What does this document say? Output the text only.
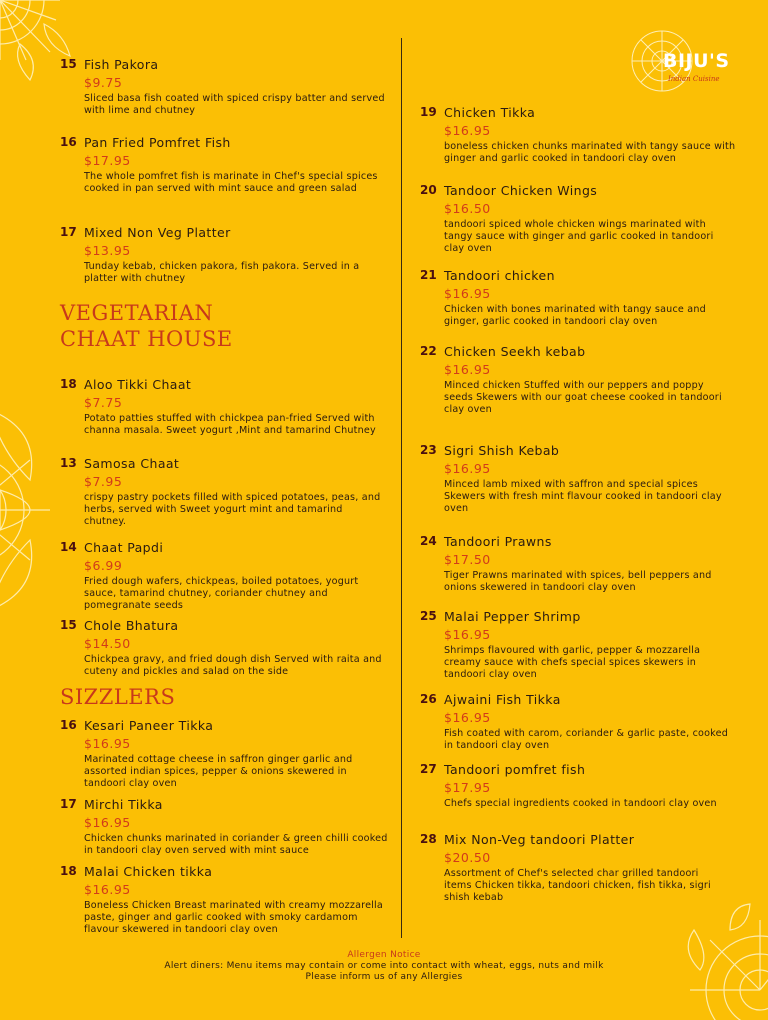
BIJU'S
Indian Cuisine
VEGETARIAN
CHAAT HOUSE
SIZZLERS
15 Fish Pakora
$9.75
Sliced basa fish coated with spiced crispy batter and served with lime and chutney
16 Pan Fried Pomfret Fish
$17.95
The whole pomfret fish is marinate in Chef's special spices cooked in pan served with mint sauce and green salad
17 Mixed Non Veg Platter
$13.95
Tunday kebab, chicken pakora, fish pakora. Served in a platter with chutney
18 Aloo Tikki Chaat
$7.75
Potato patties stuffed with chickpea pan-fried Served with channa masala. Sweet yogurt ,Mint and tamarind Chutney
13 Samosa Chaat
$7.95
crispy pastry pockets filled with spiced potatoes, peas, and herbs, served with Sweet yogurt mint and tamarind chutney.
14 Chaat Papdi
$6.99
Fried dough wafers, chickpeas, boiled potatoes, yogurt sauce, tamarind chutney, coriander chutney and pomegranate seeds
15 Chole Bhatura
$14.50
Chickpea gravy, and fried dough dish Served with raita and cuteny and pickles and salad on the side
16 Kesari Paneer Tikka
$16.95
Marinated cottage cheese in saffron ginger garlic and assorted indian spices, pepper & onions skewered in tandoori clay oven
17 Mirchi Tikka
$16.95
Chicken chunks marinated in coriander & green chilli cooked in tandoori clay oven served with mint sauce
18 Malai Chicken tikka
$16.95
Boneless Chicken Breast marinated with creamy mozzarella paste, ginger and garlic cooked with smoky cardamom flavour skewered in tandoori clay oven
19 Chicken Tikka
$16.95
boneless chicken chunks marinated with tangy sauce with ginger and garlic cooked in tandoori clay oven
20 Tandoor Chicken Wings
$16.50
tandoori spiced whole chicken wings marinated with tangy sauce with ginger and garlic cooked in tandoori clay oven
21 Tandoori chicken
$16.95
Chicken with bones marinated with tangy sauce and ginger, garlic cooked in tandoori clay oven
22 Chicken Seekh kebab
$16.95
Minced chicken Stuffed with our peppers and poppy seeds Skewers with our goat cheese cooked in tandoori clay oven
23 Sigri Shish Kebab
$16.95
Minced lamb mixed with saffron and special spices Skewers with fresh mint flavour cooked in tandoori clay oven
24 Tandoori Prawns
$17.50
Tiger Prawns marinated with spices, bell peppers and onions skewered in tandoori clay oven
25 Malai Pepper Shrimp
$16.95
Shrimps flavoured with garlic, pepper & mozzarella creamy sauce with chefs special spices skewers in tandoori clay oven
26 Ajwaini Fish Tikka
$16.95
Fish coated with carom, coriander & garlic paste, cooked in tandoori clay oven
27 Tandoori pomfret fish
$17.95
Chefs special ingredients cooked in tandoori clay oven
28 Mix Non-Veg tandoori Platter
$20.50
Assortment of Chef's selected char grilled tandoori items Chicken tikka, tandoori chicken, fish tikka, sigri shish kebab
Allergen Notice
Alert diners: Menu items may contain or come into contact with wheat, eggs, nuts and milk
Please inform us of any Allergies
